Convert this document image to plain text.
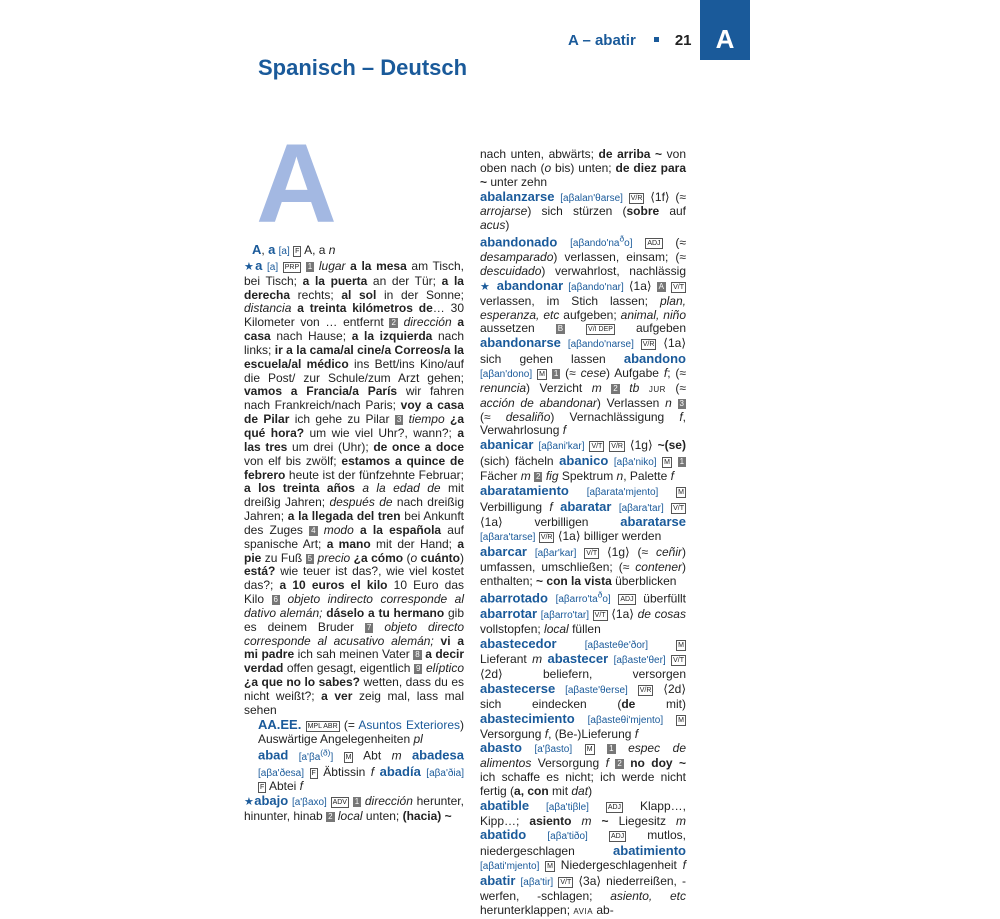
A – abatir	21 A
Spanisch – Deutsch
A

A, a [a] F A, a n

★a [a] PRP 1 lugar a la mesa am Tisch, bei Tisch; a la puerta an der Tür; a la derecha rechts; al sol in der Sonne; distancia a treinta kilómetros de… 30 Kilometer von … entfernt 2 dirección a casa nach Hause; a la izquierda nach links; ir a la cama/al cine/a Correos/a la escuela/al médico ins Bett/ins Kino/auf die Post/ zur Schule/zum Arzt gehen; vamos a Francia/a París wir fahren nach Frankreich/nach Paris; voy a casa de Pilar ich gehe zu Pilar 3 tiempo ¿a qué hora? um wie viel Uhr?, wann?; a las tres um drei (Uhr); de once a doce von elf bis zwölf; estamos a quince de febrero heute ist der fünfzehnte Februar; a los treinta años a la edad de mit dreißig Jahren; después de nach dreißig Jahren; a la llegada del tren bei Ankunft des Zuges 4 modo a la española auf spanische Art; a mano mit der Hand; a pie zu Fuß 5 precio ¿a cómo (o cuánto) está? wie teuer ist das?, wie viel kostet das?; a 10 euros el kilo 10 Euro das Kilo 6 objeto indirecto corresponde al dativo alemán; dáselo a tu hermano gib es deinem Bruder 7 objeto directo corresponde al acusativo alemán; vi a mi padre ich sah meinen Vater 8 a decir verdad offen gesagt, eigentlich 9 elíptico ¿a que no lo sabes? wetten, dass du es nicht weißt?; a ver zeig mal, lass mal sehen

AA.EE. MPL ABR (= Asuntos Exteriores) Auswärtige Angelegenheiten pl

abad $[a'\beta a^{(ð)}]$ M Abt m abadesa [aβa'ðesa] F Äbtissin f abadía [aβa'ðia] F Abtei f

★abajo [a'βaxo] ADV 1 dirección herunter, hinunter, hinab 2 local unten; (hacia) ~

nach unten, abwärts; de arriba ~ von oben nach (o bis) unten; de diez para ~ unter zehn

abalanzarse [aβalan'θarse] V/R ⟨1f⟩ (≈ arrojarse) sich stürzen (sobre auf acus)

abandonado $[a\beta ando'na^ðo]$ ADJ (≈ desamparado) verlassen, einsam; (≈ descuidado) verwahrlost, nachlässig ★ abandonar [aβando'nar] ⟨1a⟩ A V/T verlassen, im Stich lassen; plan, esperanza, etc aufgeben; animal, niño aussetzen B	V/I DEP aufgeben abandonarse [aβando'narse] V/R ⟨1a⟩ sich gehen lassen abandono [aβan'dono] M 1 (≈ cese) Aufgabe f; (≈ renuncia) Verzicht m 2 tb JUR (≈ acción de abandonar) Verlassen n 3 (≈ desaliño) Vernachlässigung f, Verwahrlosung f

abanicar [aβani'kar] V/T V/R ⟨1g⟩ ~(se) (sich) fächeln abanico [aβa'niko] M 1 Fächer m 2 fig Spektrum n, Palette f

abaratamiento [aβarata'mjento]	M Verbilligung f abaratar [aβara'tar] V/T ⟨1a⟩ verbilligen abaratarse [aβara'tarse] V/R ⟨1a⟩ billiger werden

abarcar [aβar'kar] V/T ⟨1g⟩ (≈ ceñir) umfassen, umschließen; (≈ contener) enthalten; ~ con la vista überblicken

abarrotado $[a\beta arro'ta^ðo]$ ADJ überfüllt abarrotar [aβarro'tar] V/T ⟨1a⟩ de cosas vollstopfen; local füllen

abastecedor	[aβasteθe'ðor]	M Lieferant m abastecer [aβaste'θer] V/T ⟨2d⟩ beliefern, versorgen abastecerse [aβaste'θerse] V/R ⟨2d⟩ sich eindecken (de mit) abastecimiento [aβasteθi'mjento] M Versorgung f, (Be-)Lieferung f

abasto [a'βasto] M 1 espec de alimentos Versorgung f 2 no doy ~ ich schaffe es nicht; ich werde nicht fertig (a, con mit dat)

abatible [aβa'tiβle]	ADJ Klapp…, Kipp…; asiento m ~ Liegesitz m abatido [aβa'tiðo]	ADJ mutlos, niedergeschlagen abatimiento [aβati'mjento] M Niedergeschlagenheit f abatir [aβa'tir] V/T ⟨3a⟩ niederreißen, -werfen, -schlagen; asiento, etc herunterklappen; AVIA ab-
